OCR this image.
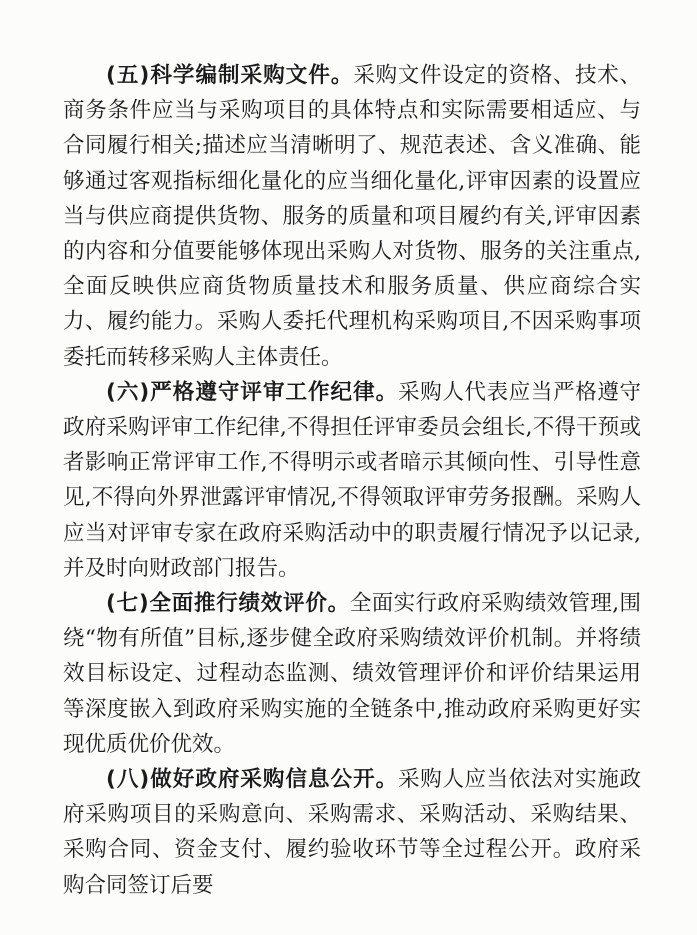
(五)科学编制采购文件。采购文件设定的资格、技术、商务条件应当与采购项目的具体特点和实际需要相适应、与合同履行相关;描述应当清晰明了、规范表述、含义准确、能够通过客观指标细化量化的应当细化量化,评审因素的设置应当与供应商提供货物、服务的质量和项目履约有关,评审因素的内容和分值要能够体现出采购人对货物、服务的关注重点,全面反映供应商货物质量技术和服务质量、供应商综合实力、履约能力。采购人委托代理机构采购项目,不因采购事项委托而转移采购人主体责任。

(六)严格遵守评审工作纪律。采购人代表应当严格遵守政府采购评审工作纪律,不得担任评审委员会组长,不得干预或者影响正常评审工作,不得明示或者暗示其倾向性、引导性意见,不得向外界泄露评审情况,不得领取评审劳务报酬。采购人应当对评审专家在政府采购活动中的职责履行情况予以记录,并及时向财政部门报告。

(七)全面推行绩效评价。全面实行政府采购绩效管理,围绕“物有所值”目标,逐步健全政府采购绩效评价机制。并将绩效目标设定、过程动态监测、绩效管理评价和评价结果运用等深度嵌入到政府采购实施的全链条中,推动政府采购更好实现优质优价优效。

(八)做好政府采购信息公开。采购人应当依法对实施政府采购项目的采购意向、采购需求、采购活动、采购结果、采购合同、资金支付、履约验收环节等全过程公开。政府采购合同签订后要
